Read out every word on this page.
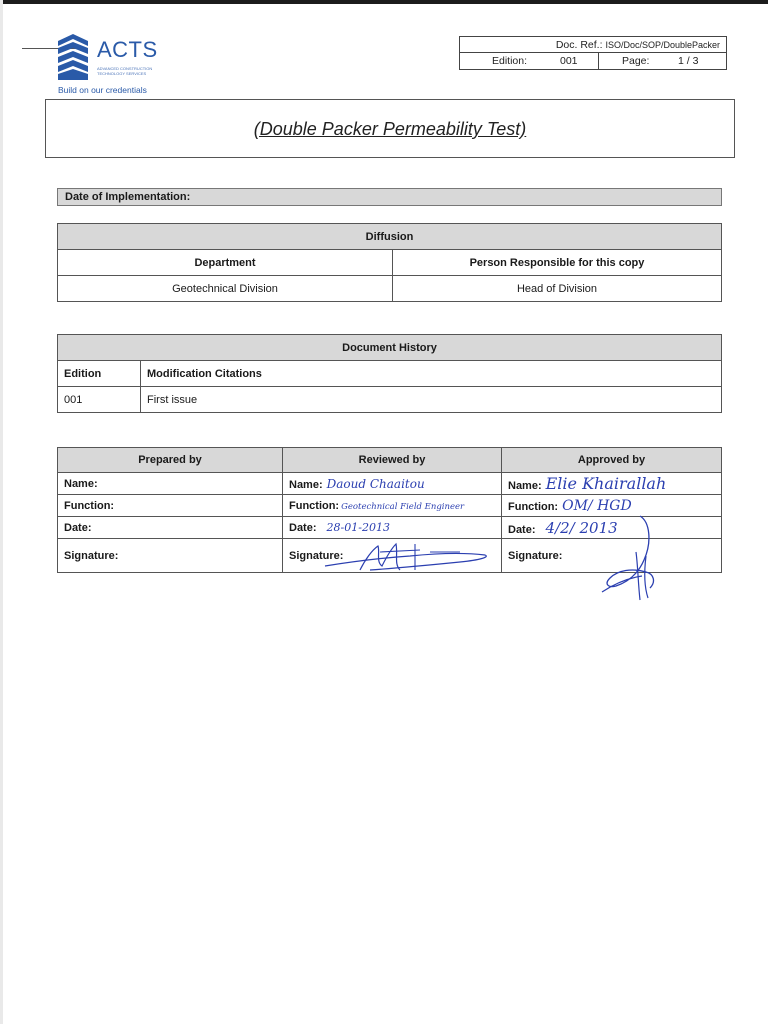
ACTS
ADVANCED CONSTRUCTION TECHNOLOGY SERVICES
Build on our credentials
Doc. Ref.: ISO/Doc/SOP/DoublePacker
Edition:	001	Page:	1 / 3
(Double Packer Permeability Test)
Date of Implementation:
Diffusion	
Department	Person Responsible for this copy
Geotechnical Division	Head of Division
Document History	
Edition	Modification Citations
001	First issue
Prepared by	Reviewed by	Approved by
Name:	Name: Daoud Chaaitou	Name: Elie Khairallah
Function:	Function: Geotechnical Field Engineer	Function: OM/ HGD
Date:	Date: 28-01-2013	Date: 4/2/ 2013
Signature:	Signature:	Signature:
